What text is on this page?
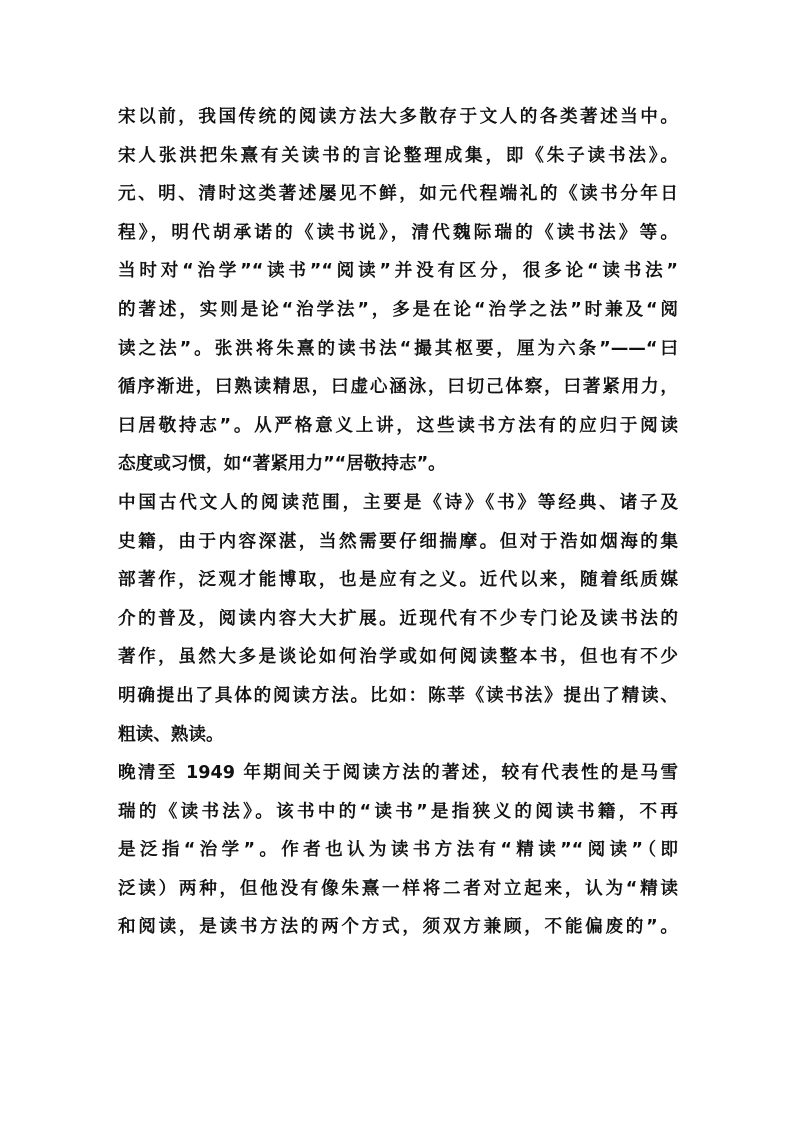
宋以前，我国传统的阅读方法大多散存于文人的各类著述当中。
宋人张洪把朱熹有关读书的言论整理成集，即《朱子读书法》。
元、明、清时这类著述屡见不鲜，如元代程端礼的《读书分年日
程》，明代胡承诺的《读书说》，清代魏际瑞的《读书法》等。
当时对“治学”“读书”“阅读”并没有区分，很多论“读书法”
的著述，实则是论“治学法”，多是在论“治学之法”时兼及“阅
读之法”。张洪将朱熹的读书法“撮其枢要，厘为六条”——“曰
循序渐进，曰熟读精思，曰虚心涵泳，曰切己体察，曰著紧用力，
曰居敬持志”。从严格意义上讲，这些读书方法有的应归于阅读
态度或习惯，如“著紧用力”“居敬持志”。
中国古代文人的阅读范围，主要是《诗》《书》等经典、诸子及
史籍，由于内容深湛，当然需要仔细揣摩。但对于浩如烟海的集
部著作，泛观才能博取，也是应有之义。近代以来，随着纸质媒
介的普及，阅读内容大大扩展。近现代有不少专门论及读书法的
著作，虽然大多是谈论如何治学或如何阅读整本书，但也有不少
明确提出了具体的阅读方法。比如：陈莘《读书法》提出了精读、
粗读、熟读。
晚清至 1949 年期间关于阅读方法的著述，较有代表性的是马雪
瑞的《读书法》。该书中的“读书”是指狭义的阅读书籍，不再
是泛指“治学”。作者也认为读书方法有“精读”“阅读”（即
泛读）两种，但他没有像朱熹一样将二者对立起来，认为“精读
和阅读，是读书方法的两个方式，须双方兼顾，不能偏废的”。
